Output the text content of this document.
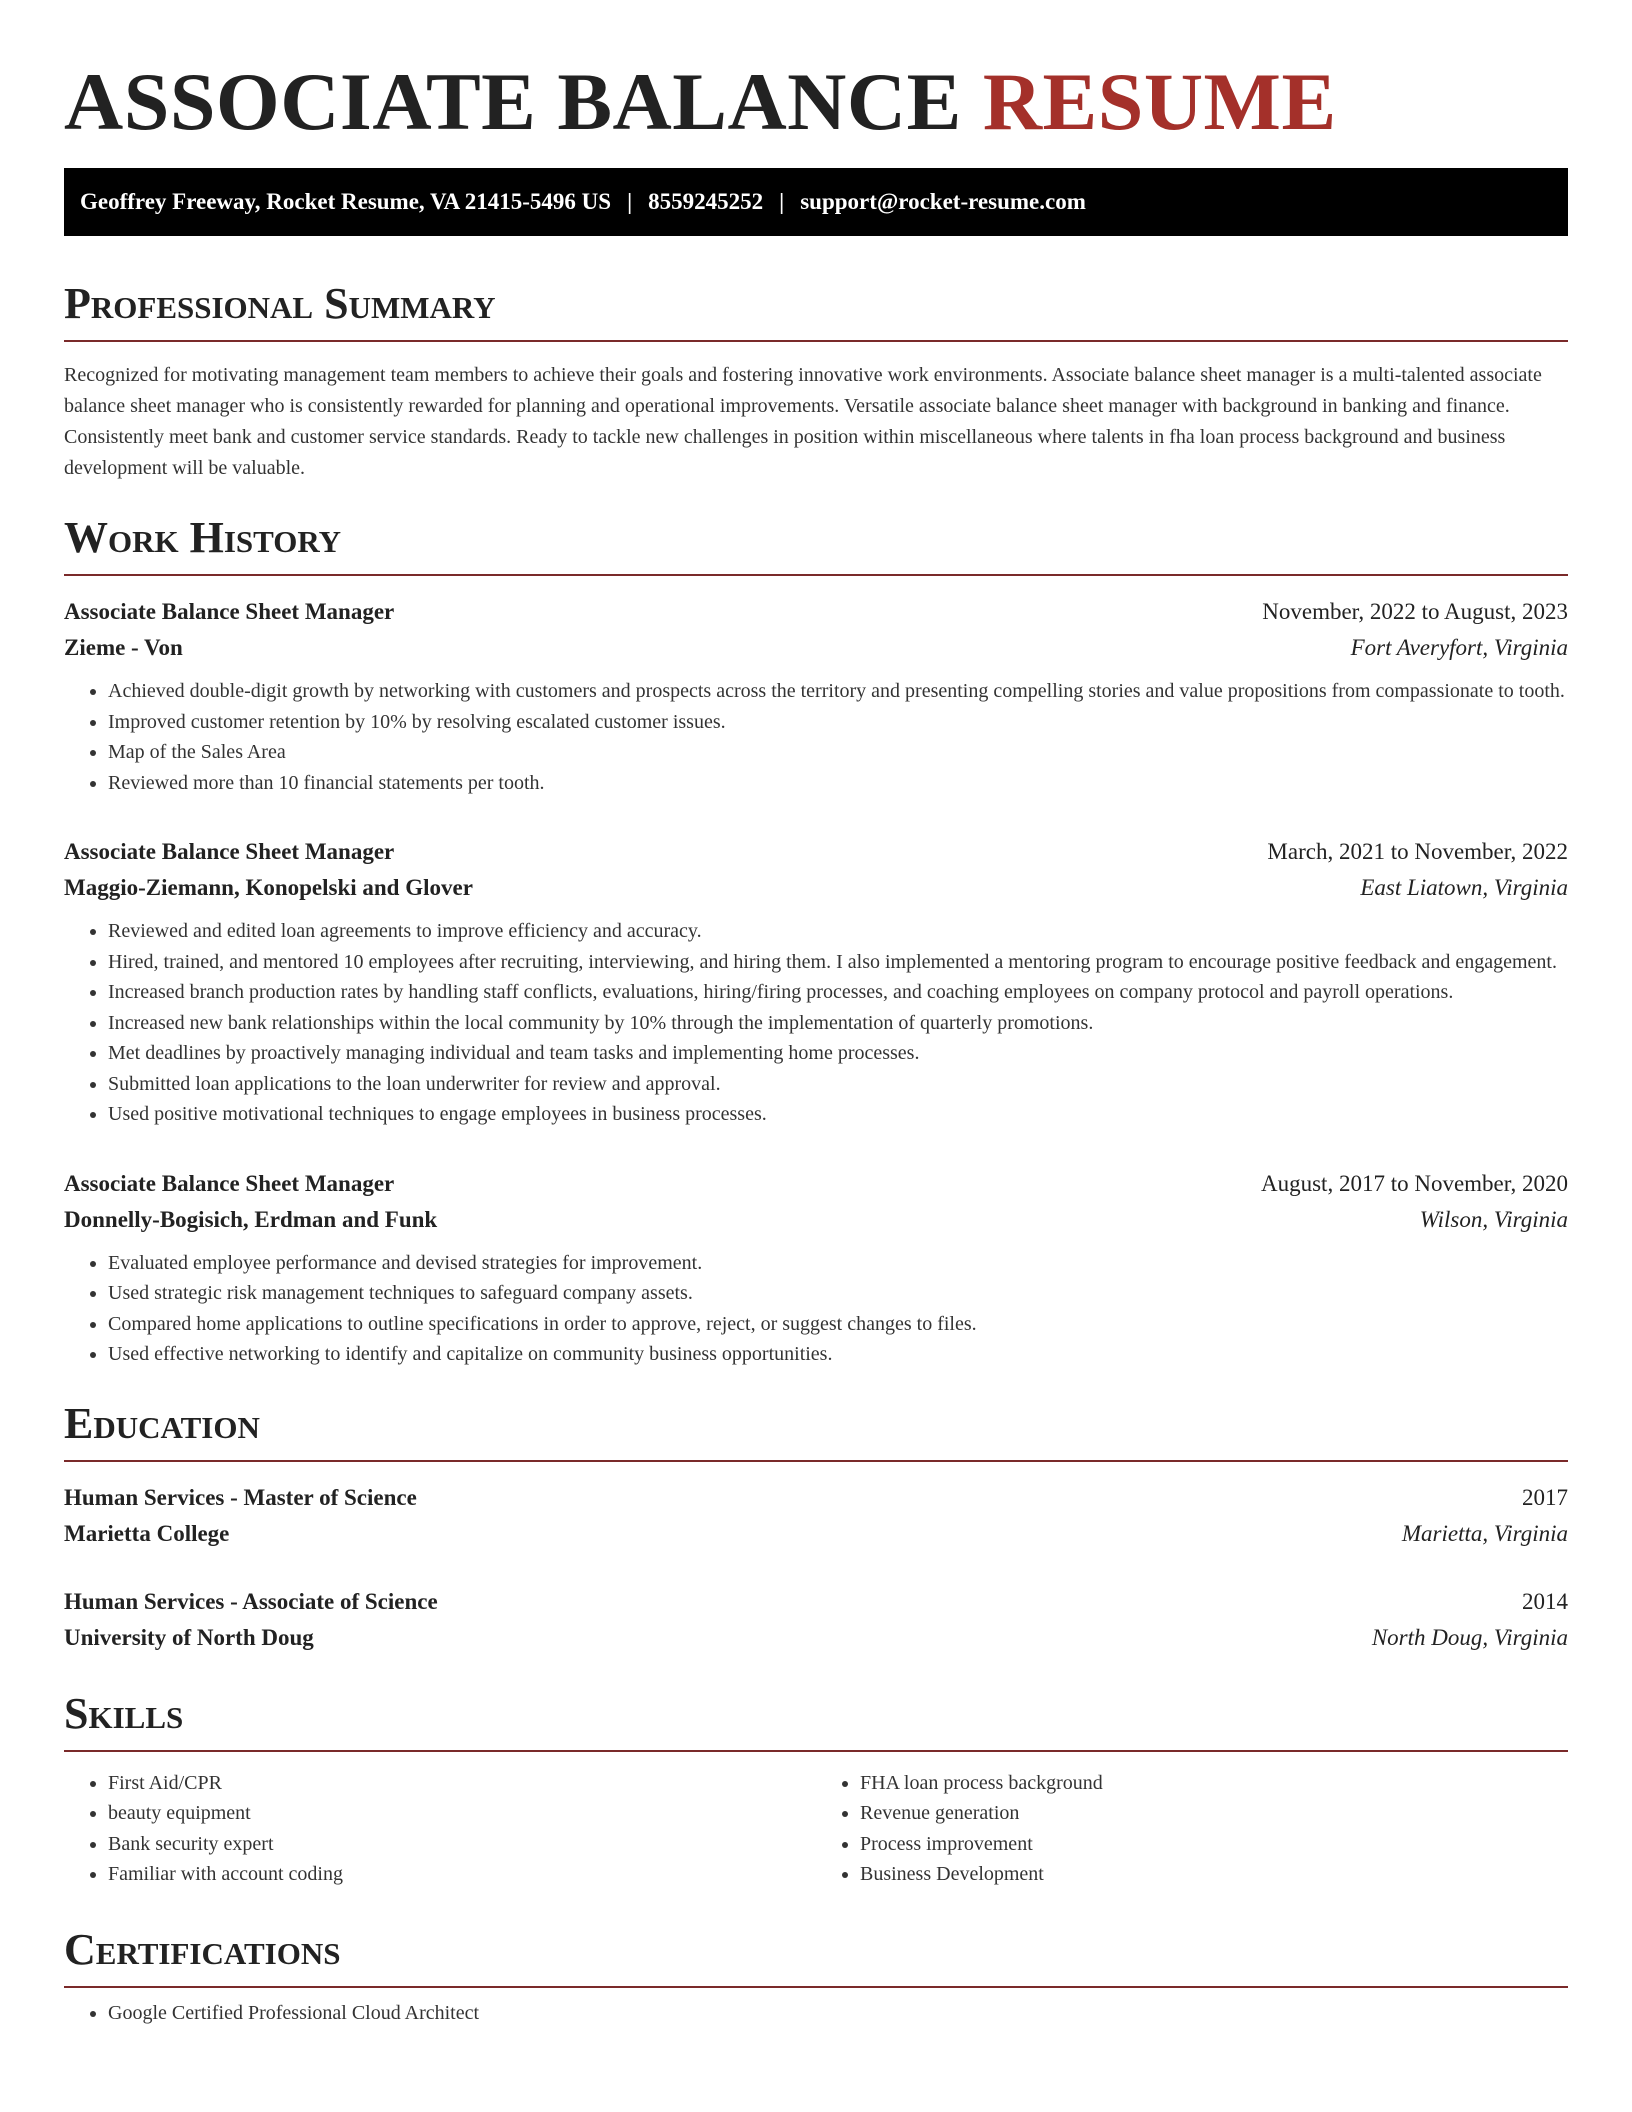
ASSOCIATE BALANCE RESUME
Geoffrey Freeway, Rocket Resume, VA 21415-5496 US | 8559245252 | support@rocket-resume.com
Professional Summary

Recognized for motivating management team members to achieve their goals and fostering innovative work environments. Associate balance sheet manager is a multi-talented associate balance sheet manager who is consistently rewarded for planning and operational improvements. Versatile associate balance sheet manager with background in banking and finance. Consistently meet bank and customer service standards. Ready to tackle new challenges in position within miscellaneous where talents in fha loan process background and business development will be valuable.

Work History
Associate Balance Sheet Manager	November, 2022 to August, 2023
Zieme - Von	Fort Averyfort, Virginia
• Achieved double-digit growth by networking with customers and prospects across the territory and presenting compelling stories and value propositions from compassionate to tooth.
• Improved customer retention by 10% by resolving escalated customer issues.
• Map of the Sales Area
• Reviewed more than 10 financial statements per tooth.
Associate Balance Sheet Manager	March, 2021 to November, 2022
Maggio-Ziemann, Konopelski and Glover	East Liatown, Virginia
• Reviewed and edited loan agreements to improve efficiency and accuracy.
• Hired, trained, and mentored 10 employees after recruiting, interviewing, and hiring them. I also implemented a mentoring program to encourage positive feedback and engagement.
• Increased branch production rates by handling staff conflicts, evaluations, hiring/firing processes, and coaching employees on company protocol and payroll operations.
• Increased new bank relationships within the local community by 10% through the implementation of quarterly promotions.
• Met deadlines by proactively managing individual and team tasks and implementing home processes.
• Submitted loan applications to the loan underwriter for review and approval.
• Used positive motivational techniques to engage employees in business processes.
Associate Balance Sheet Manager	August, 2017 to November, 2020
Donnelly-Bogisich, Erdman and Funk	Wilson, Virginia
• Evaluated employee performance and devised strategies for improvement.
• Used strategic risk management techniques to safeguard company assets.
• Compared home applications to outline specifications in order to approve, reject, or suggest changes to files.
• Used effective networking to identify and capitalize on community business opportunities.
Education
Human Services - Master of Science	2017
Marietta College	Marietta, Virginia
Human Services - Associate of Science	2014
University of North Doug	North Doug, Virginia
Skills
• First Aid/CPR
• beauty equipment
• Bank security expert
• Familiar with account coding
• FHA loan process background
• Revenue generation
• Process improvement
• Business Development
Certifications
• Google Certified Professional Cloud Architect
